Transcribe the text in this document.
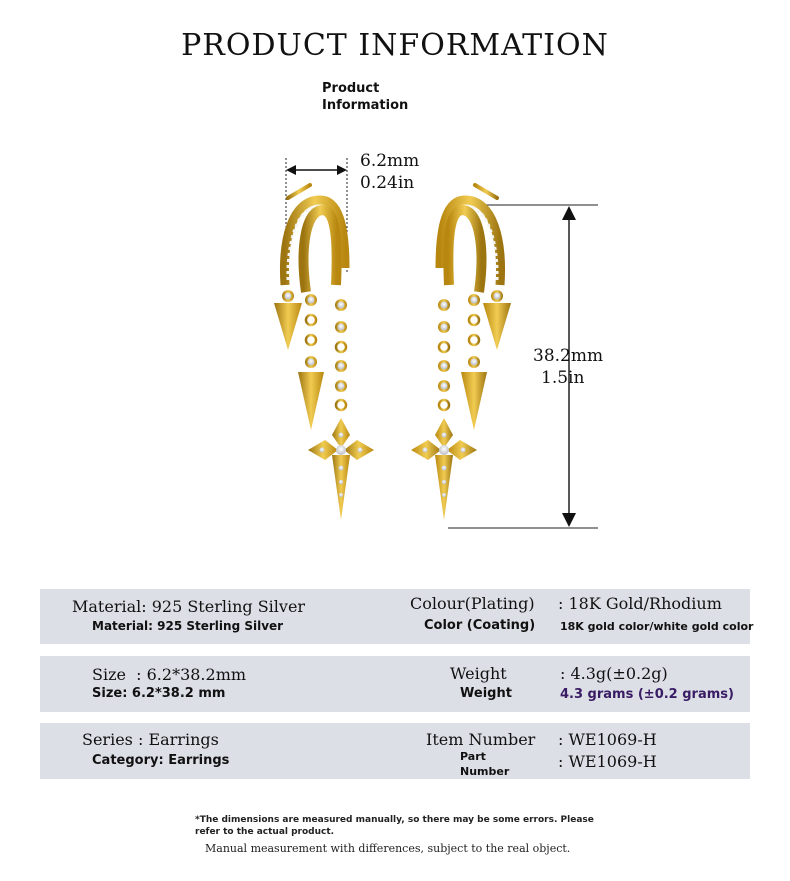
PRODUCT INFORMATION
Product Information
6.2mm
0.24in
38.2mm
1.5in
Material: 925 Sterling Silver
Material: 925 Sterling Silver
Colour(Plating) : 18K Gold/Rhodium
Color (Coating) 18K gold color/white gold color
Size  : 6.2*38.2mm
Size: 6.2*38.2 mm
Weight	: 4.3g(±0.2g)
Weight	4.3 grams (±0.2 grams)
Series : Earrings
Category: Earrings
Item Number : WE1069-H
Part
Number
: WE1069-H
*The dimensions are measured manually, so there may be some errors. Please refer to the actual product.
Manual measurement with differences, subject to the real object.
